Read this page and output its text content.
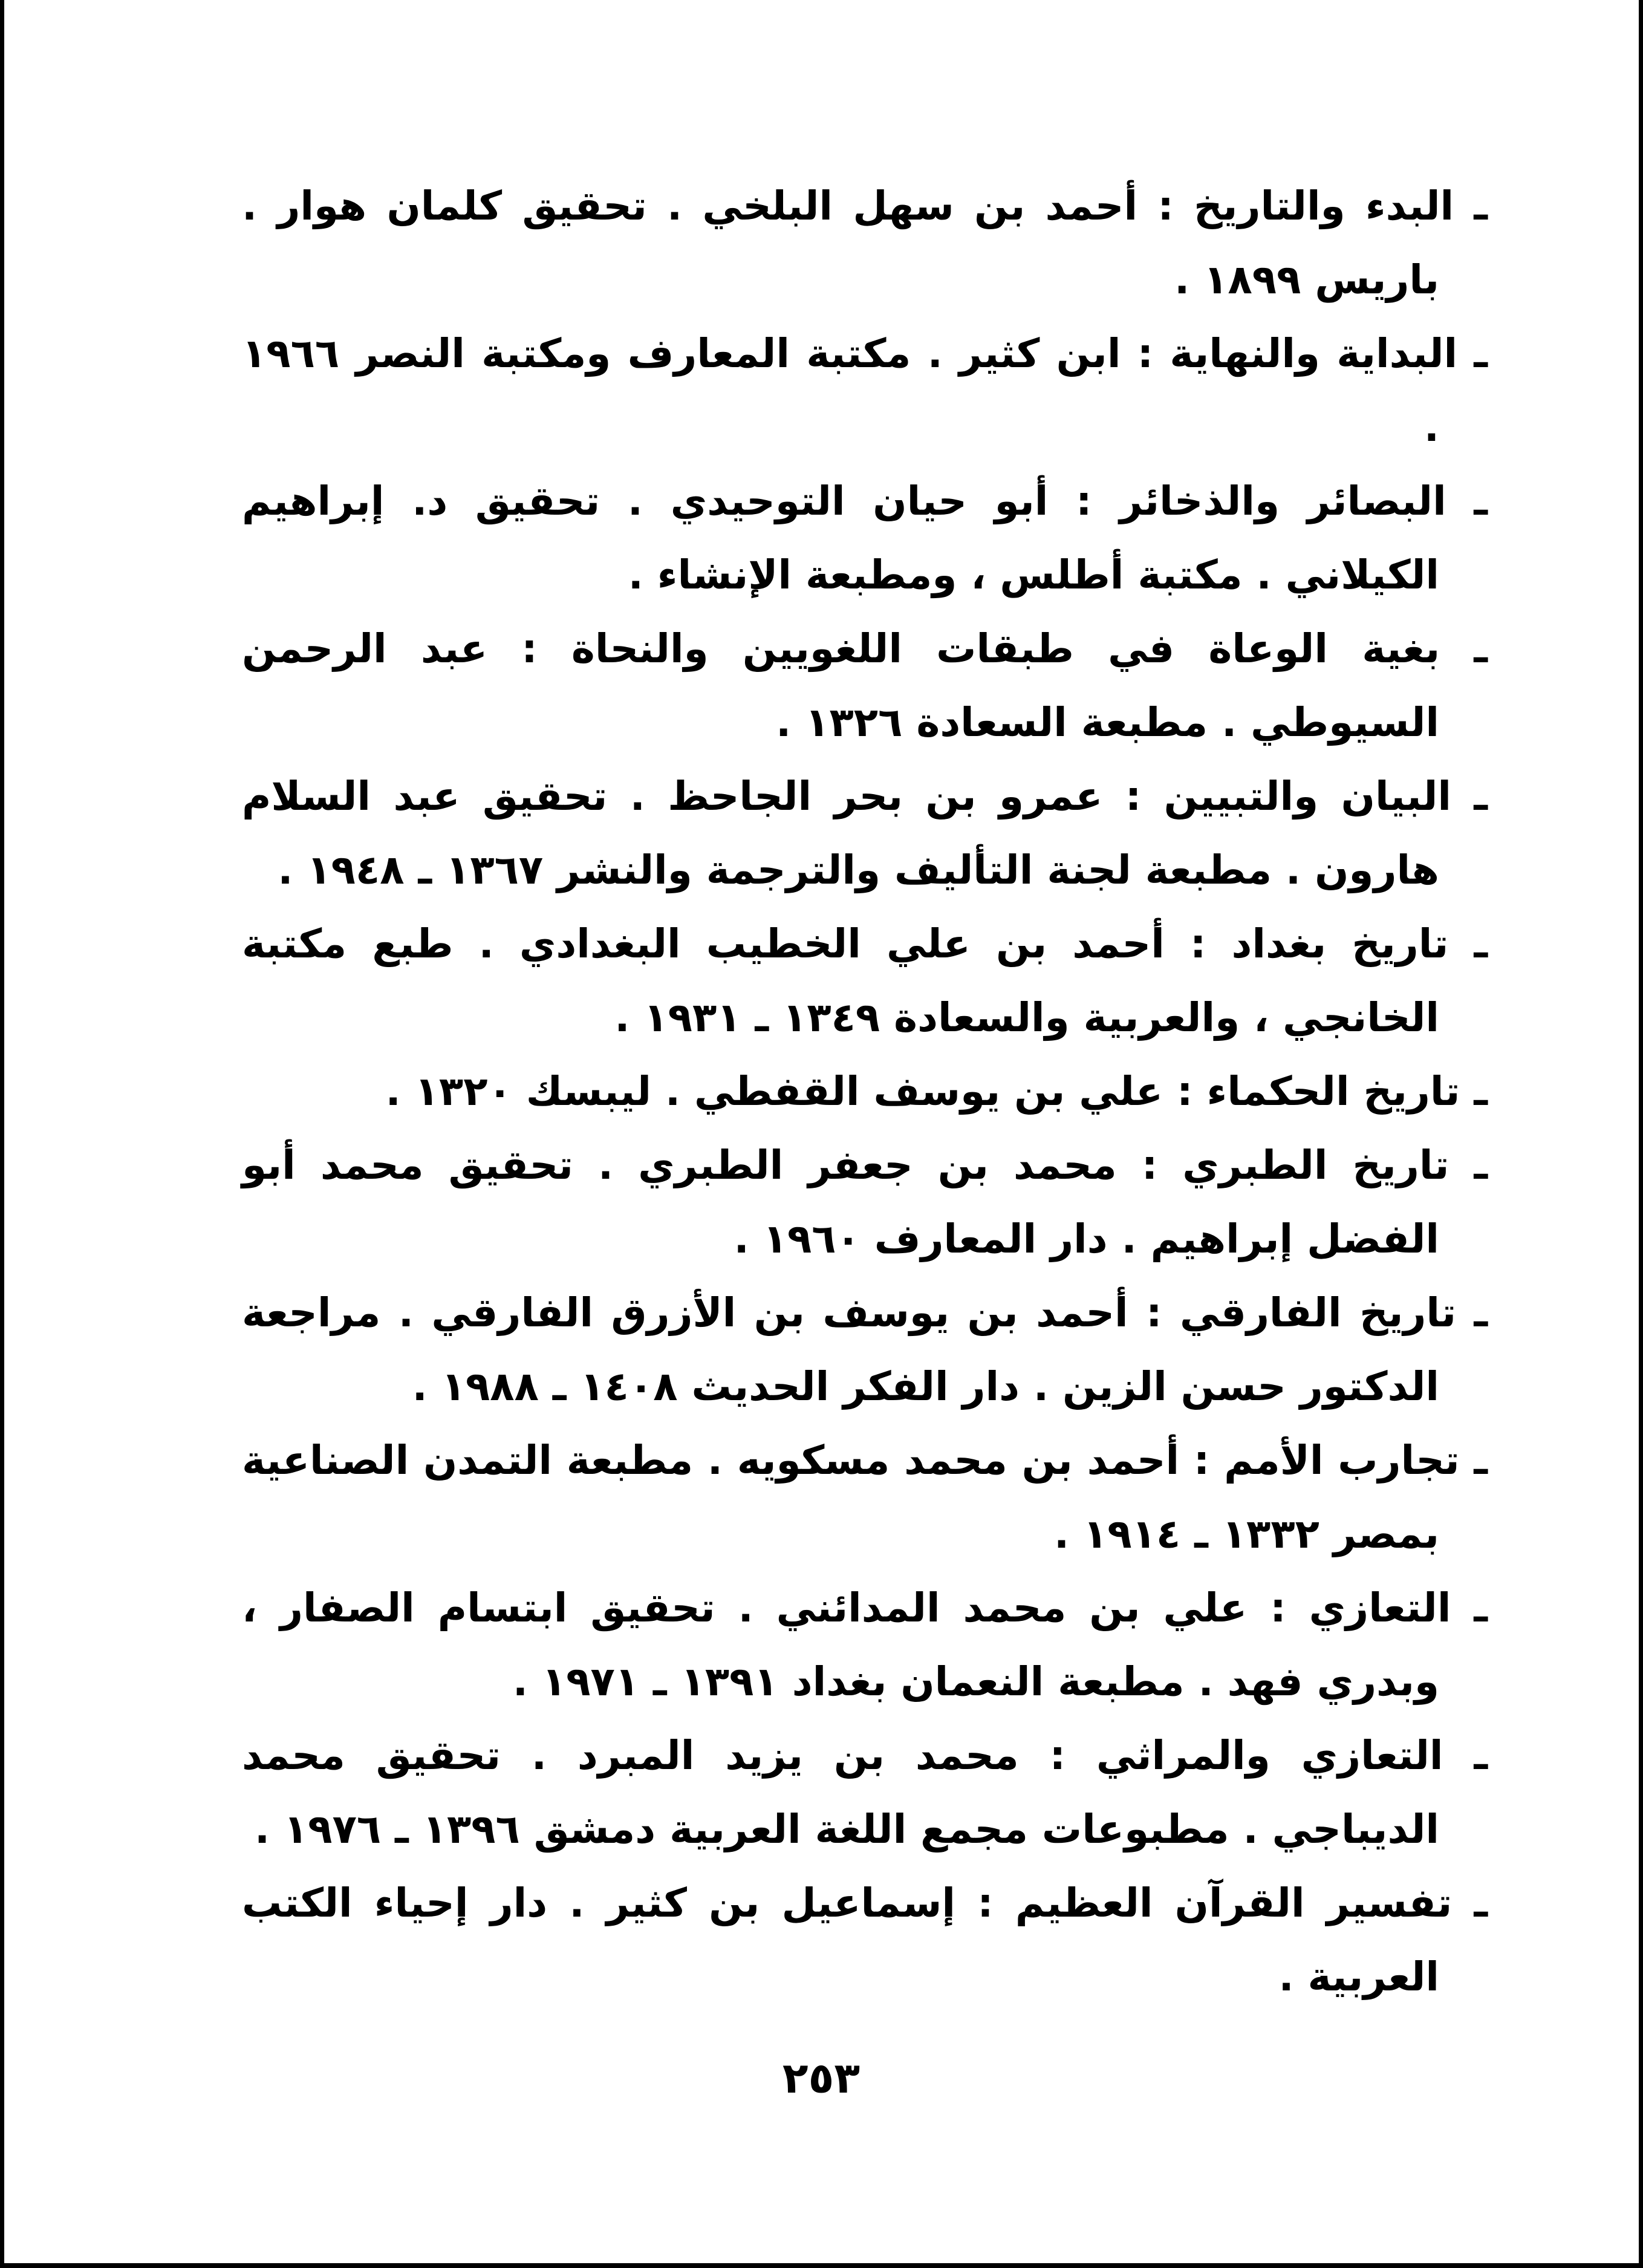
ـ البدء والتاريخ : أحمد بن سهل البلخي . تحقيق كلمان هوار . باريس ١٨٩٩ .

ـ البداية والنهاية : ابن كثير . مكتبة المعارف ومكتبة النصر ١٩٦٦ .

ـ البصائر والذخائر : أبو حيان التوحيدي . تحقيق د. إبراهيم الكيلاني . مكتبة أطلس ، ومطبعة الإنشاء .

ـ بغية الوعاة في طبقات اللغويين والنحاة : عبد الرحمن السيوطي . مطبعة السعادة ١٣٢٦ .

ـ البيان والتبيين : عمرو بن بحر الجاحظ . تحقيق عبد السلام هارون . مطبعة لجنة التأليف والترجمة والنشر ١٣٦٧ ـ ١٩٤٨ .

ـ تاريخ بغداد : أحمد بن علي الخطيب البغدادي . طبع مكتبة الخانجي ، والعربية والسعادة ١٣٤٩ ـ ١٩٣١ .

ـ تاريخ الحكماء : علي بن يوسف القفطي . ليبسك ١٣٢٠ .

ـ تاريخ الطبري : محمد بن جعفر الطبري . تحقيق محمد أبو الفضل إبراهيم . دار المعارف ١٩٦٠ .

ـ تاريخ الفارقي : أحمد بن يوسف بن الأزرق الفارقي . مراجعة الدكتور حسن الزين . دار الفكر الحديث ١٤٠٨ ـ ١٩٨٨ .

ـ تجارب الأمم : أحمد بن محمد مسكويه . مطبعة التمدن الصناعية بمصر ١٣٣٢ ـ ١٩١٤ .

ـ التعازي : علي بن محمد المدائني . تحقيق ابتسام الصفار ، وبدري فهد . مطبعة النعمان بغداد ١٣٩١ ـ ١٩٧١ .

ـ التعازي والمراثي : محمد بن يزيد المبرد . تحقيق محمد الديباجي . مطبوعات مجمع اللغة العربية دمشق ١٣٩٦ ـ ١٩٧٦ .

ـ تفسير القرآن العظيم : إسماعيل بن كثير . دار إحياء الكتب العربية .

٢٥٣
